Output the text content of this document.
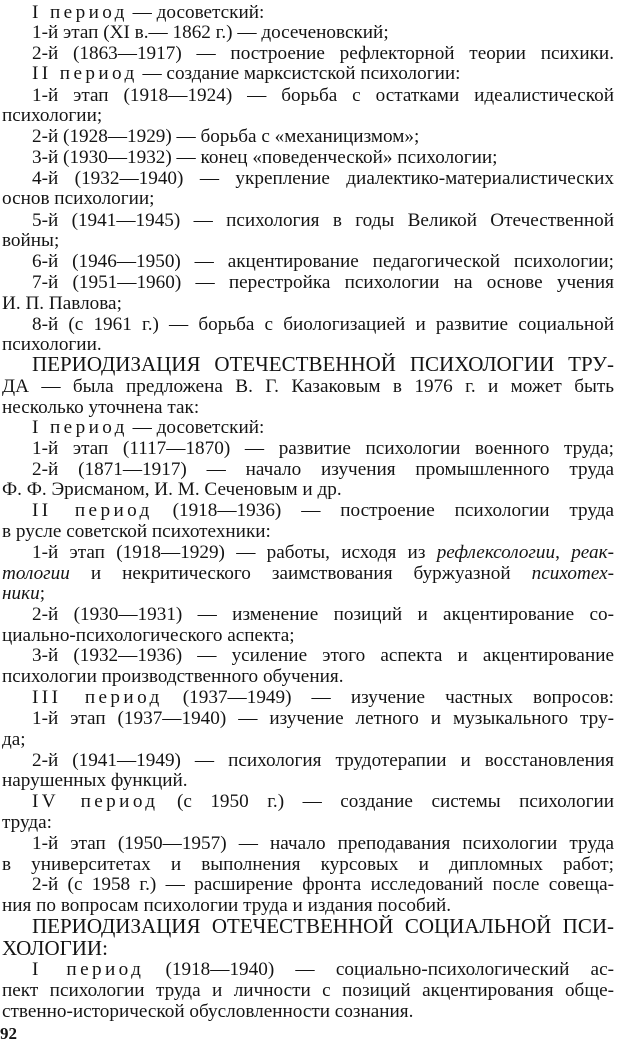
I период — досоветский:
1-й этап (XI в.— 1862 г.) — досеченовский;
2-й (1863—1917) — построение рефлекторной теории психики.
II период — создание марксистской психологии:
1-й этап (1918—1924) — борьба с остатками идеалистической
психологии;
2-й (1928—1929) — борьба с «механицизмом»;
3-й (1930—1932) — конец «поведенческой» психологии;
4-й (1932—1940) — укрепление диалектико-материалистических
основ психологии;
5-й (1941—1945) — психология в годы Великой Отечественной
войны;
6-й (1946—1950) — акцентирование педагогической психологии;
7-й (1951—1960) — перестройка психологии на основе учения
И. П. Павлова;
8-й (с 1961 г.) — борьба с биологизацией и развитие социальной
психологии.
ПЕРИОДИЗАЦИЯ ОТЕЧЕСТВЕННОЙ ПСИХОЛОГИИ ТРУ-
ДА — была предложена В. Г. Казаковым в 1976 г. и может быть
несколько уточнена так:
I период — досоветский:
1-й этап (1117—1870) — развитие психологии военного труда;
2-й (1871—1917) — начало изучения промышленного труда
Ф. Ф. Эрисманом, И. М. Сеченовым и др.
II период (1918—1936) — построение психологии труда
в русле советской психотехники:
1-й этап (1918—1929) — работы, исходя из рефлексологии, реак-
тологии и некритического заимствования буржуазной психотех-
ники;
2-й (1930—1931) — изменение позиций и акцентирование со-
циально-психологического аспекта;
3-й (1932—1936) — усиление этого аспекта и акцентирование
психологии производственного обучения.
III период (1937—1949) — изучение частных вопросов:
1-й этап (1937—1940) — изучение летного и музыкального тру-
да;
2-й (1941—1949) — психология трудотерапии и восстановления
нарушенных функций.
IV период (с 1950 г.) — создание системы психологии
труда:
1-й этап (1950—1957) — начало преподавания психологии труда
в университетах и выполнения курсовых и дипломных работ;
2-й (с 1958 г.) — расширение фронта исследований после совеща-
ния по вопросам психологии труда и издания пособий.
ПЕРИОДИЗАЦИЯ ОТЕЧЕСТВЕННОЙ СОЦИАЛЬНОЙ ПСИ-
ХОЛОГИИ:
I период (1918—1940) — социально-психологический ас-
пект психологии труда и личности с позиций акцентирования обще-
ственно-исторической обусловленности сознания.
92
